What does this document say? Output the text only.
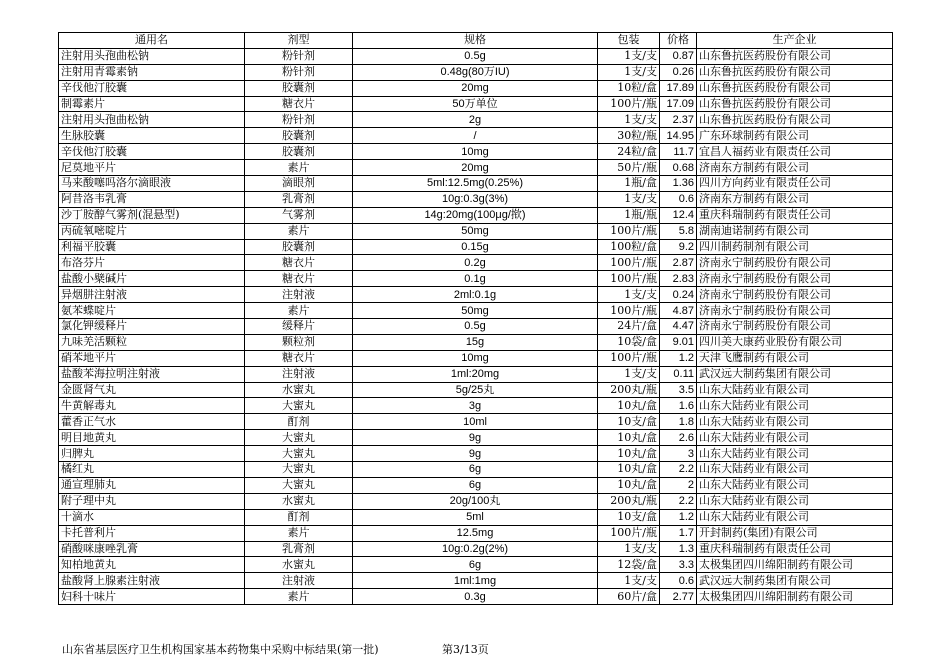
通用名	剂型	规格	包装	价格	生产企业
注射用头孢曲松钠	粉针剂	0.5g	1支/支	0.87	山东鲁抗医药股份有限公司
注射用青霉素钠	粉针剂	0.48g(80万IU)	1支/支	0.26	山东鲁抗医药股份有限公司
辛伐他汀胶囊	胶囊剂	20mg	10粒/盒	17.89	山东鲁抗医药股份有限公司
制霉素片	糖衣片	50万单位	100片/瓶	17.09	山东鲁抗医药股份有限公司
注射用头孢曲松钠	粉针剂	2g	1支/支	2.37	山东鲁抗医药股份有限公司
生脉胶囊	胶囊剂	/	30粒/瓶	14.95	广东环球制药有限公司
辛伐他汀胶囊	胶囊剂	10mg	24粒/盒	11.7	宜昌人福药业有限责任公司
尼莫地平片	素片	20mg	50片/瓶	0.68	济南东方制药有限公司
马来酸噻吗洛尔滴眼液	滴眼剂	5ml:12.5mg(0.25%)	1瓶/盒	1.36	四川方向药业有限责任公司
阿昔洛韦乳膏	乳膏剂	10g:0.3g(3%)	1支/支	0.6	济南东方制药有限公司
沙丁胺醇气雾剂(混悬型)	气雾剂	14g:20mg(100μg/揿)	1瓶/瓶	12.4	重庆科瑞制药有限责任公司
丙硫氧嘧啶片	素片	50mg	100片/瓶	5.8	湖南迪诺制药有限公司
利福平胶囊	胶囊剂	0.15g	100粒/盒	9.2	四川制药制剂有限公司
布洛芬片	糖衣片	0.2g	100片/瓶	2.87	济南永宁制药股份有限公司
盐酸小檗碱片	糖衣片	0.1g	100片/瓶	2.83	济南永宁制药股份有限公司
异烟肼注射液	注射液	2ml:0.1g	1支/支	0.24	济南永宁制药股份有限公司
氨苯蝶啶片	素片	50mg	100片/瓶	4.87	济南永宁制药股份有限公司
氯化钾缓释片	缓释片	0.5g	24片/盒	4.47	济南永宁制药股份有限公司
九味羌活颗粒	颗粒剂	15g	10袋/盒	9.01	四川美大康药业股份有限公司
硝苯地平片	糖衣片	10mg	100片/瓶	1.2	天津飞鹰制药有限公司
盐酸苯海拉明注射液	注射液	1ml:20mg	1支/支	0.11	武汉远大制药集团有限公司
金匮肾气丸	水蜜丸	5g/25丸	200丸/瓶	3.5	山东大陆药业有限公司
牛黄解毒丸	大蜜丸	3g	10丸/盒	1.6	山东大陆药业有限公司
藿香正气水	酊剂	10ml	10支/盒	1.8	山东大陆药业有限公司
明目地黄丸	大蜜丸	9g	10丸/盒	2.6	山东大陆药业有限公司
归脾丸	大蜜丸	9g	10丸/盒	3	山东大陆药业有限公司
橘红丸	大蜜丸	6g	10丸/盒	2.2	山东大陆药业有限公司
通宣理肺丸	大蜜丸	6g	10丸/盒	2	山东大陆药业有限公司
附子理中丸	水蜜丸	20g/100丸	200丸/瓶	2.2	山东大陆药业有限公司
十滴水	酊剂	5ml	10支/盒	1.2	山东大陆药业有限公司
卡托普利片	素片	12.5mg	100片/瓶	1.7	开封制药(集团)有限公司
硝酸咪康唑乳膏	乳膏剂	10g:0.2g(2%)	1支/支	1.3	重庆科瑞制药有限责任公司
知柏地黄丸	水蜜丸	6g	12袋/盒	3.3	太极集团四川绵阳制药有限公司
盐酸肾上腺素注射液	注射液	1ml:1mg	1支/支	0.6	武汉远大制药集团有限公司
妇科十味片	素片	0.3g	60片/盒	2.77	太极集团四川绵阳制药有限公司
山东省基层医疗卫生机构国家基本药物集中采购中标结果(第一批)	第3/13页
